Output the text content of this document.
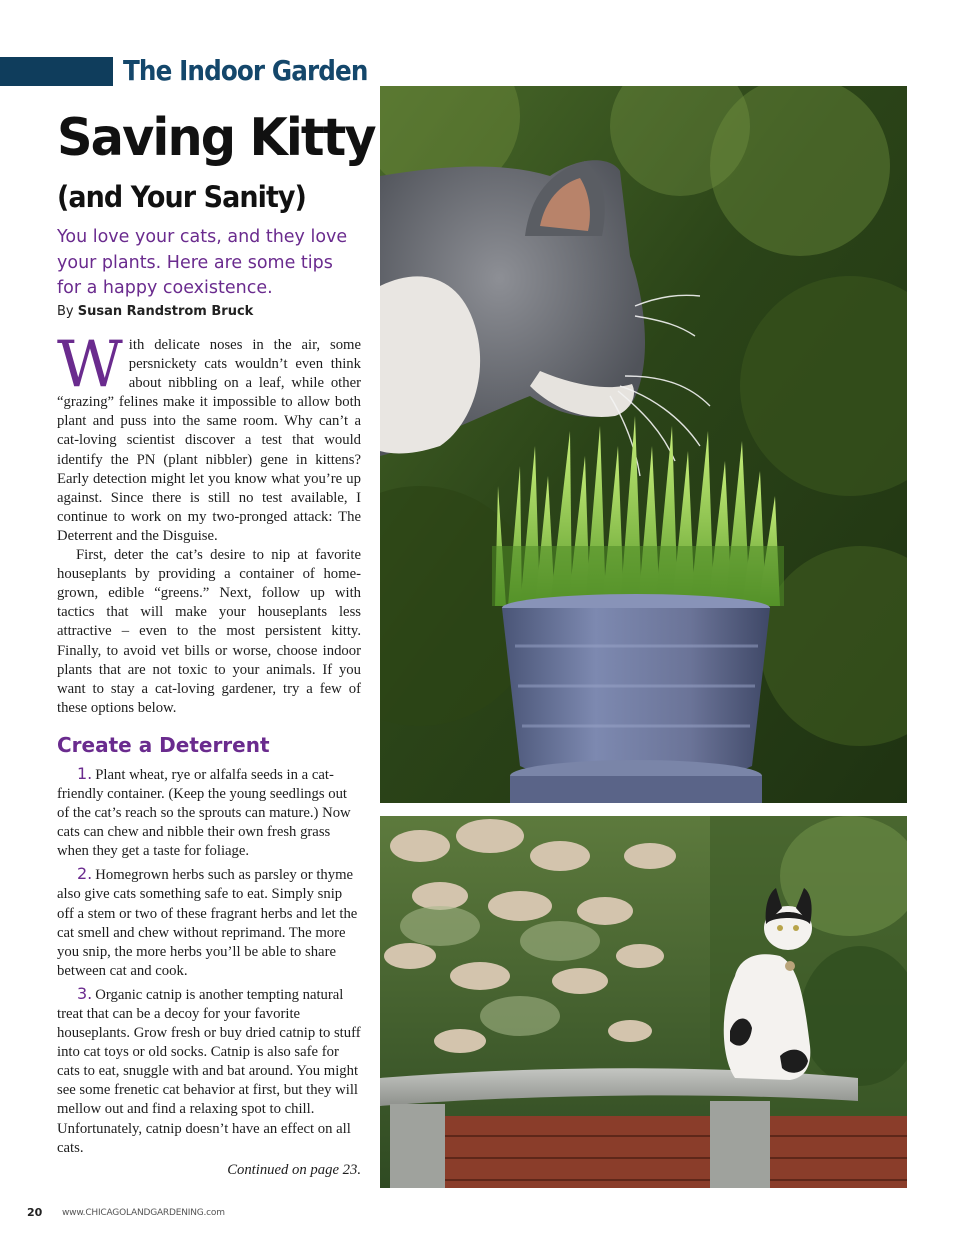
The Indoor Garden
Saving Kitty
(and Your Sanity)

You love your cats, and they love your plants. Here are some tips for a happy coexistence.

By Susan Randstrom Bruck

With delicate noses in the air, some persnickety cats wouldn’t even think about nibbling on a leaf, while other “grazing” felines make it impossible to allow both plant and puss into the same room. Why can’t a cat-loving scientist discover a test that would identify the PN (plant nibbler) gene in kittens? Early detection might let you know what you’re up against. Since there is still no test available, I continue to work on my two-pronged attack: The Deterrent and the Disguise.

First, deter the cat’s desire to nip at favorite houseplants by providing a container of home-grown, edible “greens.” Next, follow up with tactics that will make your houseplants less attractive – even to the most persistent kitty. Finally, to avoid vet bills or worse, choose indoor plants that are not toxic to your animals. If you want to stay a cat-loving gardener, try a few of these options below.

Create a Deterrent

1. Plant wheat, rye or alfalfa seeds in a cat-friendly container. (Keep the young seedlings out of the cat’s reach so the sprouts can mature.) Now cats can chew and nibble their own fresh grass when they get a taste for foliage.

2. Homegrown herbs such as parsley or thyme also give cats something safe to eat. Simply snip off a stem or two of these fragrant herbs and let the cat smell and chew without reprimand. The more you snip, the more herbs you’ll be able to share between cat and cook.

3. Organic catnip is another tempting natural treat that can be a decoy for your favorite houseplants. Grow fresh or buy dried catnip to stuff into cat toys or old socks. Catnip is also safe for cats to eat, snuggle with and bat around. You might see some frenetic cat behavior at first, but they will mellow out and find a relaxing spot to chill. Unfortunately, catnip doesn’t have an effect on all cats.

Continued on page 23.

20 www.CHICAGOLANDGARDENING.com
